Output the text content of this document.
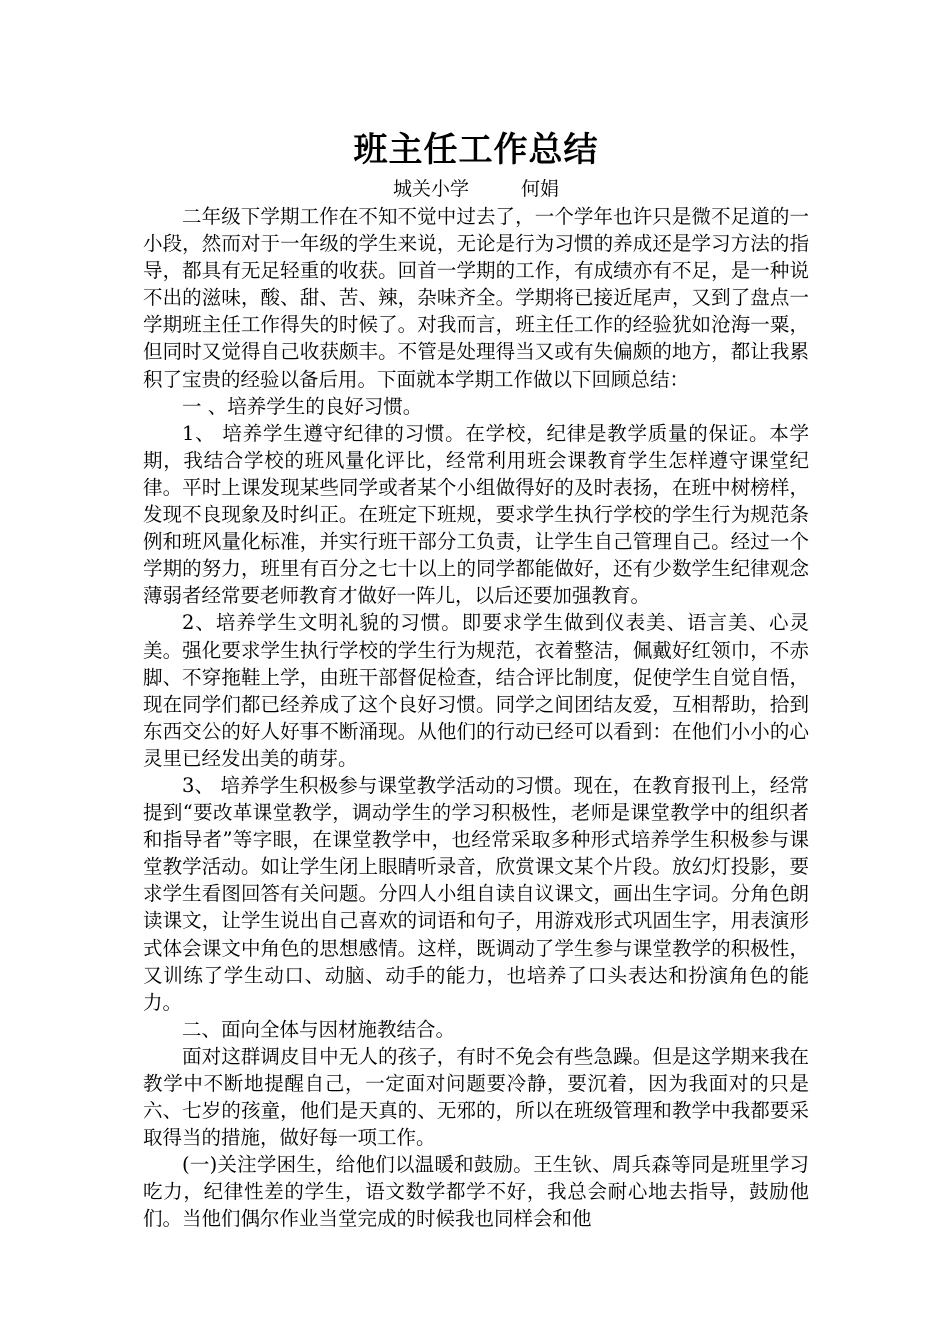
班主任工作总结

城关小学	何娟

二年级下学期工作在不知不觉中过去了，一个学年也许只是微不足道的一小段，然而对于一年级的学生来说，无论是行为习惯的养成还是学习方法的指导，都具有无足轻重的收获。回首一学期的工作，有成绩亦有不足，是一种说不出的滋味，酸、甜、苦、辣，杂味齐全。学期将已接近尾声，又到了盘点一学期班主任工作得失的时候了。对我而言，班主任工作的经验犹如沧海一粟，但同时又觉得自己收获颇丰。不管是处理得当又或有失偏颇的地方，都让我累积了宝贵的经验以备后用。下面就本学期工作做以下回顾总结：

一 、培养学生的良好习惯。

1、 培养学生遵守纪律的习惯。在学校，纪律是教学质量的保证。本学期，我结合学校的班风量化评比，经常利用班会课教育学生怎样遵守课堂纪律。平时上课发现某些同学或者某个小组做得好的及时表扬，在班中树榜样，发现不良现象及时纠正。在班定下班规，要求学生执行学校的学生行为规范条例和班风量化标准，并实行班干部分工负责，让学生自己管理自己。经过一个学期的努力，班里有百分之七十以上的同学都能做好，还有少数学生纪律观念薄弱者经常要老师教育才做好一阵儿，以后还要加强教育。

2、培养学生文明礼貌的习惯。即要求学生做到仪表美、语言美、心灵美。强化要求学生执行学校的学生行为规范，衣着整洁，佩戴好红领巾，不赤脚、不穿拖鞋上学，由班干部督促检查，结合评比制度，促使学生自觉自悟，现在同学们都已经养成了这个良好习惯。同学之间团结友爱，互相帮助，拾到东西交公的好人好事不断涌现。从他们的行动已经可以看到：在他们小小的心灵里已经发出美的萌芽。

3、 培养学生积极参与课堂教学活动的习惯。现在，在教育报刊上，经常提到“要改革课堂教学，调动学生的学习积极性，老师是课堂教学中的组织者和指导者”等字眼，在课堂教学中，也经常采取多种形式培养学生积极参与课堂教学活动。如让学生闭上眼睛听录音，欣赏课文某个片段。放幻灯投影，要求学生看图回答有关问题。分四人小组自读自议课文，画出生字词。分角色朗读课文，让学生说出自己喜欢的词语和句子，用游戏形式巩固生字，用表演形式体会课文中角色的思想感情。这样，既调动了学生参与课堂教学的积极性，又训练了学生动口、动脑、动手的能力，也培养了口头表达和扮演角色的能力。

二、面向全体与因材施教结合。

面对这群调皮目中无人的孩子，有时不免会有些急躁。但是这学期来我在教学中不断地提醒自己，一定面对问题要冷静，要沉着，因为我面对的只是六、七岁的孩童，他们是天真的、无邪的，所以在班级管理和教学中我都要采取得当的措施，做好每一项工作。

(一)关注学困生，给他们以温暖和鼓励。王生钬、周兵森等同是班里学习吃力，纪律性差的学生，语文数学都学不好，我总会耐心地去指导，鼓励他们。当他们偶尔作业当堂完成的时候我也同样会和他
